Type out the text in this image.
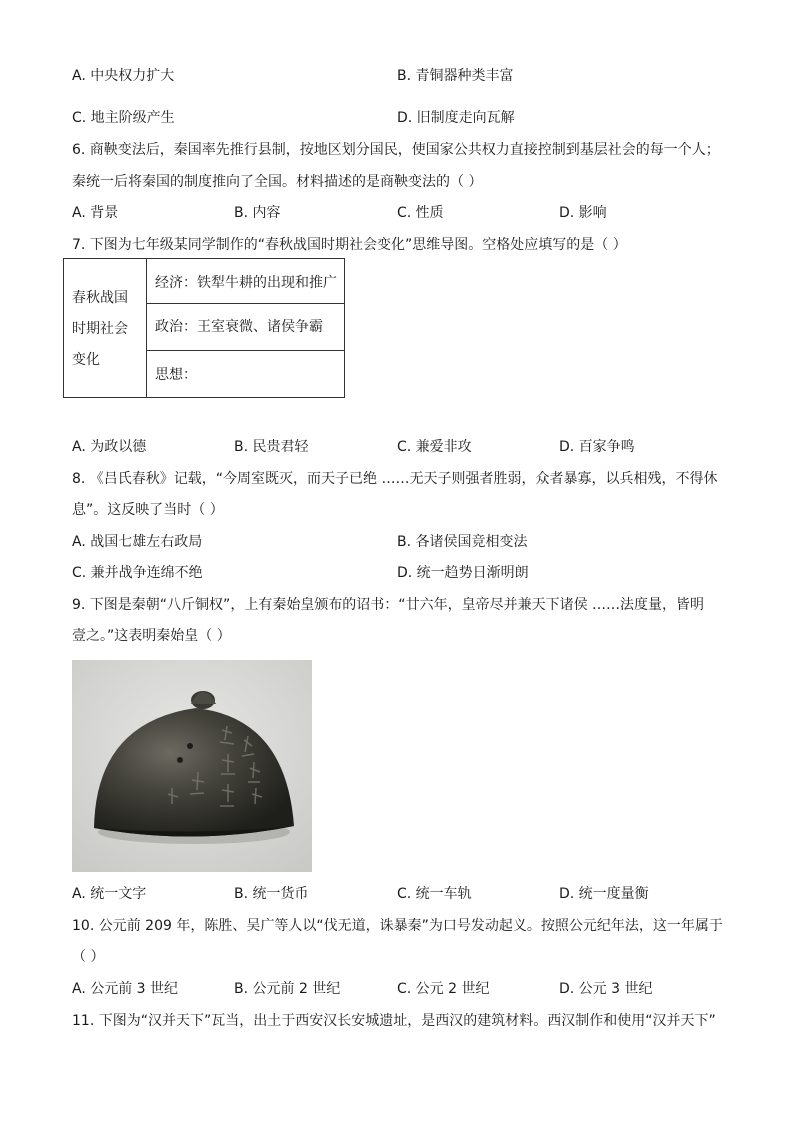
A. 中央权力扩大	B. 青铜器种类丰富
C. 地主阶级产生	D. 旧制度走向瓦解
6. 商鞅变法后，秦国率先推行县制，按地区划分国民，使国家公共权力直接控制到基层社会的每一个人；
秦统一后将秦国的制度推向了全国。材料描述的是商鞅变法的（ ）
A. 背景	B. 内容	C. 性质	D. 影响
7. 下图为七年级某同学制作的“春秋战国时期社会变化”思维导图。空格处应填写的是（ ）
春秋战国
时期社会
变化
经济：铁犁牛耕的出现和推广
政治：王室衰微、诸侯争霸
思想：
A. 为政以德	B. 民贵君轻	C. 兼爱非攻	D. 百家争鸣
8. 《吕氏春秋》记载，“今周室既灭，而天子已绝 ……无天子则强者胜弱，众者暴寡，以兵相残，不得休
息”。这反映了当时（ ）
A. 战国七雄左右政局	B. 各诸侯国竞相变法
C. 兼并战争连绵不绝	D. 统一趋势日渐明朗
9. 下图是秦朝“八斤铜权”，上有秦始皇颁布的诏书：“廿六年，皇帝尽并兼天下诸侯 ……法度量，皆明
壹之。”这表明秦始皇（ ）
A. 统一文字	B. 统一货币	C. 统一车轨	D. 统一度量衡
10. 公元前 209 年，陈胜、吴广等人以“伐无道，诛暴秦”为口号发动起义。按照公元纪年法，这一年属于
（ ）
A. 公元前 3 世纪	B. 公元前 2 世纪	C. 公元 2 世纪	D. 公元 3 世纪
11. 下图为“汉并天下”瓦当，出土于西安汉长安城遗址，是西汉的建筑材料。西汉制作和使用“汉并天下”
